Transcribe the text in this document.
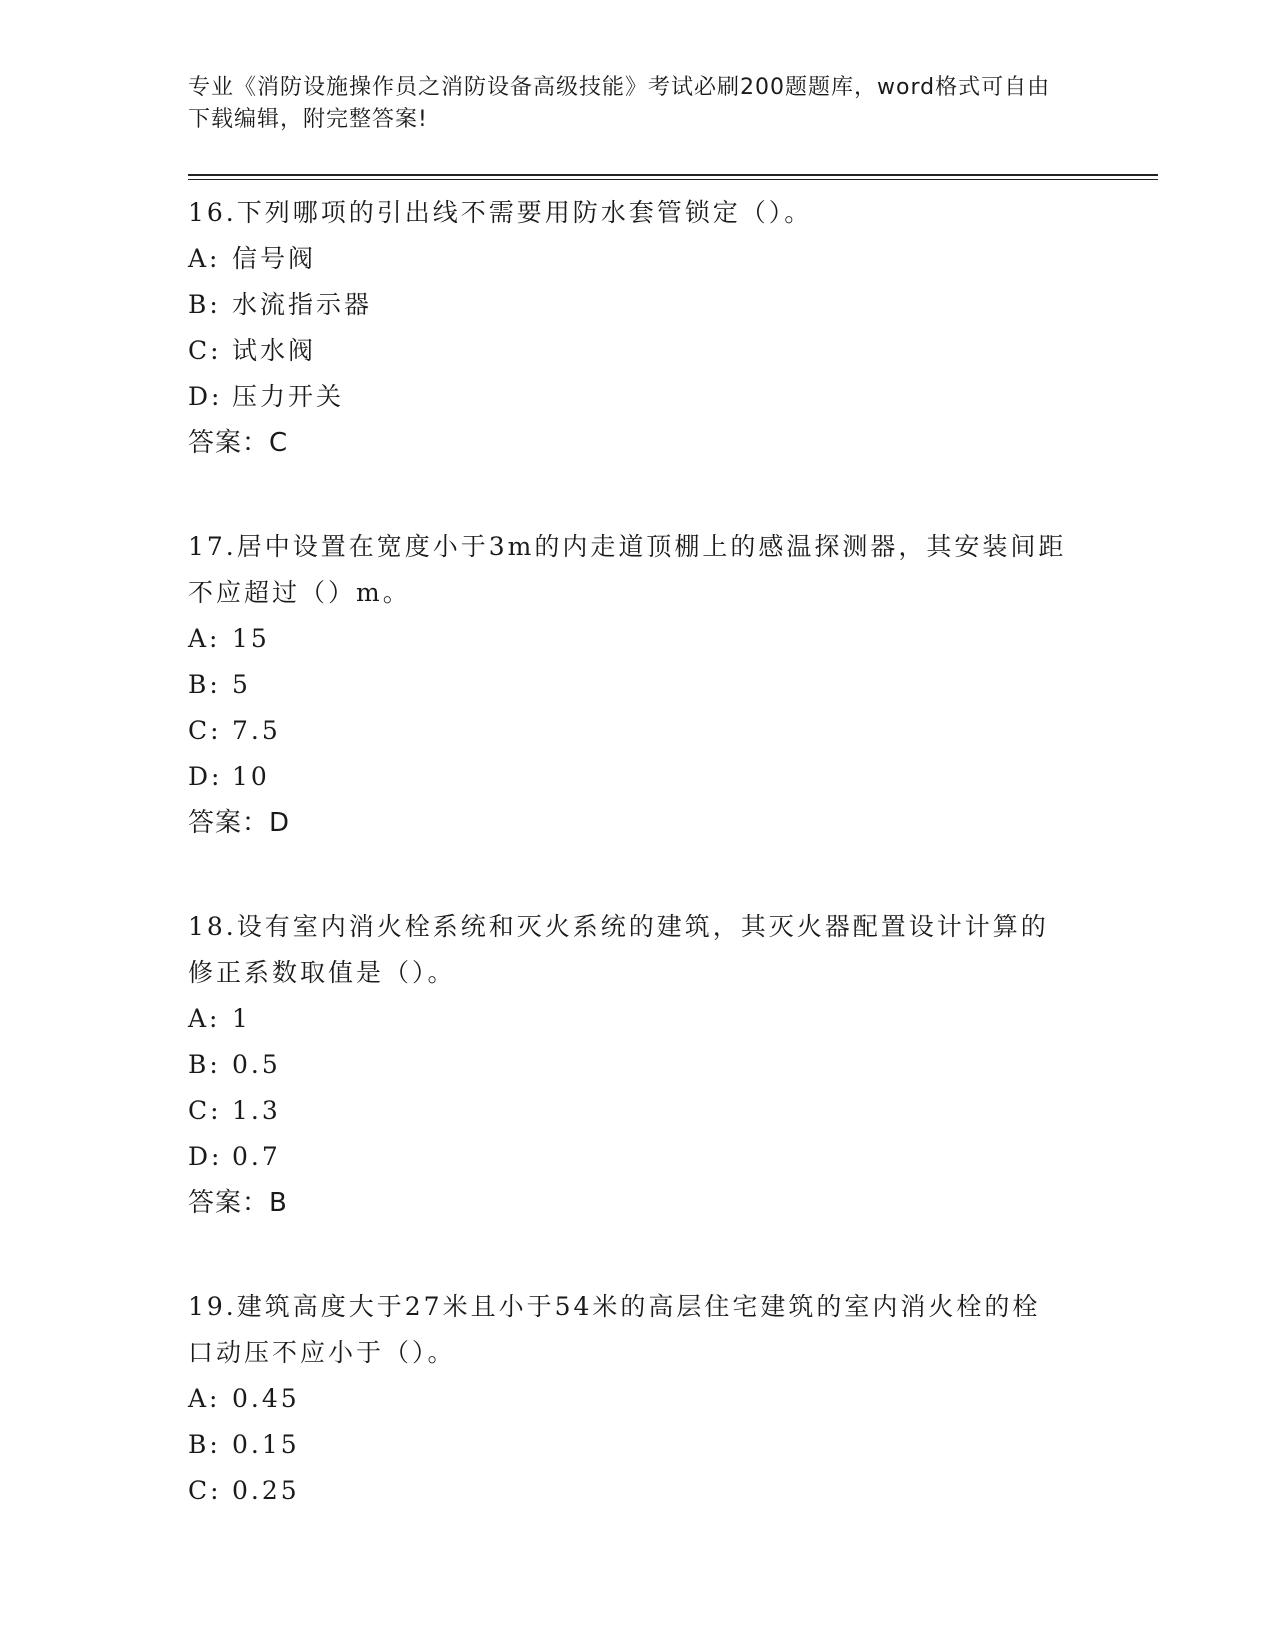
专业《消防设施操作员之消防设备高级技能》考试必刷200题题库，word格式可自由下载编辑，附完整答案!
16.下列哪项的引出线不需要用防水套管锁定（）。
A: 信号阀
B: 水流指示器
C: 试水阀
D: 压力开关
答案：C
17.居中设置在宽度小于3m的内走道顶棚上的感温探测器，其安装间距不应超过（）m。
A: 15
B: 5
C: 7.5
D: 10
答案：D
18.设有室内消火栓系统和灭火系统的建筑，其灭火器配置设计计算的修正系数取值是（）。
A: 1
B: 0.5
C: 1.3
D: 0.7
答案：B
19.建筑高度大于27米且小于54米的高层住宅建筑的室内消火栓的栓口动压不应小于（）。
A: 0.45
B: 0.15
C: 0.25
